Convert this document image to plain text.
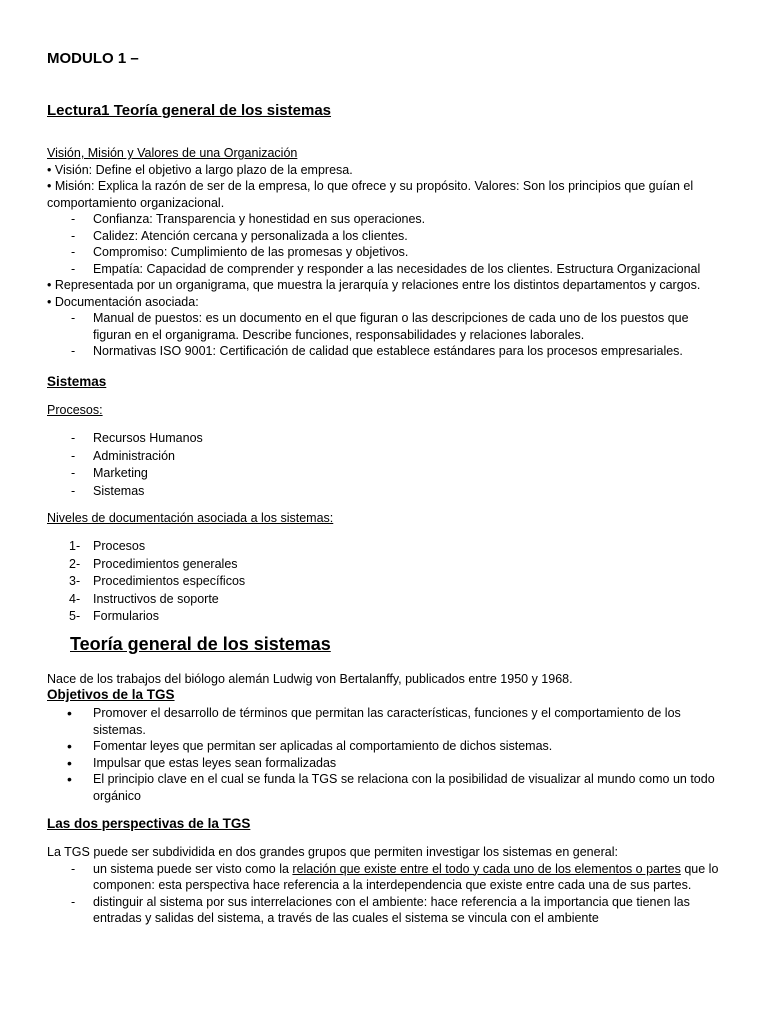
MODULO 1 –
Lectura1 Teoría general de los sistemas
Visión, Misión y Valores de una Organización
• Visión: Define el objetivo a largo plazo de la empresa.
• Misión: Explica la razón de ser de la empresa, lo que ofrece y su propósito. Valores: Son los principios que guían el comportamiento organizacional.
-	Confianza: Transparencia y honestidad en sus operaciones.
-	Calidez: Atención cercana y personalizada a los clientes.
-	Compromiso: Cumplimiento de las promesas y objetivos.
-	Empatía: Capacidad de comprender y responder a las necesidades de los clientes. Estructura Organizacional
• Representada por un organigrama, que muestra la jerarquía y relaciones entre los distintos departamentos y cargos.
• Documentación asociada:
-	Manual de puestos: es un documento en el que figuran o las descripciones de cada uno de los puestos que figuran en el organigrama. Describe funciones, responsabilidades y relaciones laborales.
-	Normativas ISO 9001: Certificación de calidad que establece estándares para los procesos empresariales.
Sistemas
Procesos:
-	Recursos Humanos
-	Administración
-	Marketing
-	Sistemas
Niveles de documentación asociada a los sistemas:
1-	Procesos
2-	Procedimientos generales
3-	Procedimientos específicos
4-	Instructivos de soporte
5-	Formularios
Teoría general de los sistemas
Nace de los trabajos del biólogo alemán Ludwig von Bertalanffy, publicados entre 1950 y 1968.
Objetivos de la TGS
•	Promover el desarrollo de términos que permitan las características, funciones y el comportamiento de los sistemas.
•	Fomentar leyes que permitan ser aplicadas al comportamiento de dichos sistemas.
•	Impulsar que estas leyes sean formalizadas
•	El principio clave en el cual se funda la TGS se relaciona con la posibilidad de visualizar al mundo como un todo orgánico
Las dos perspectivas de la TGS
La TGS puede ser subdividida en dos grandes grupos que permiten investigar los sistemas en general:
-	un sistema puede ser visto como la relación que existe entre el todo y cada uno de los elementos o partes que lo componen: esta perspectiva hace referencia a la interdependencia que existe entre cada una de sus partes.
-	distinguir al sistema por sus interrelaciones con el ambiente: hace referencia a la importancia que tienen las entradas y salidas del sistema, a través de las cuales el sistema se vincula con el ambiente
